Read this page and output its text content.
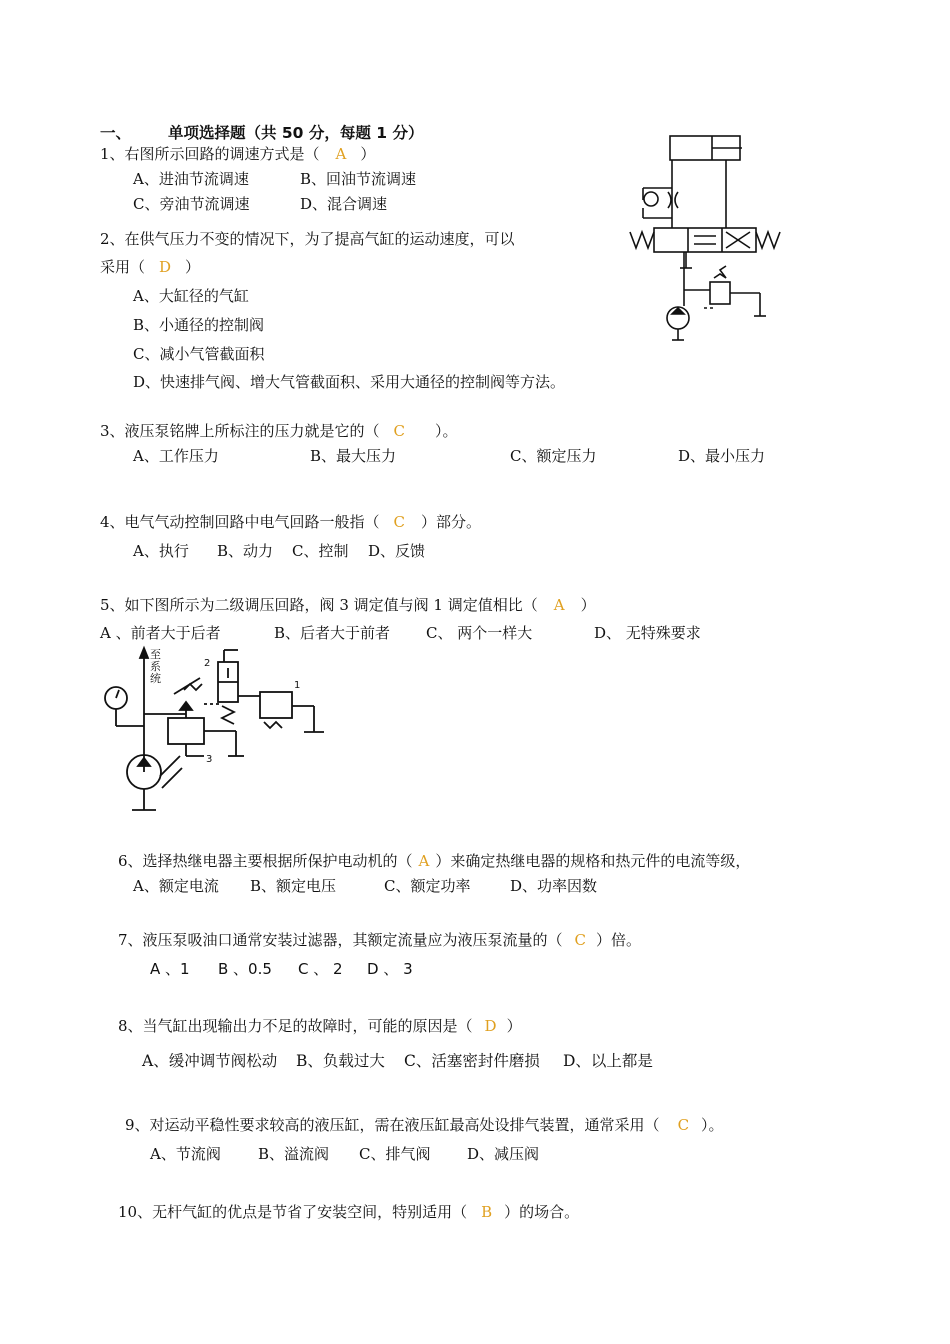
一、 单项选择题（共 50 分，每题 1 分）
1、右图所示回路的调速方式是（ A ）
A、进油节流调速	B、回油节流调速
C、旁油节流调速	D、混合调速
2、在供气压力不变的情况下，为了提高气缸的运动速度，可以
采用（ D ）
A、大缸径的气缸
B、小通径的控制阀
C、减小气管截面积
D、快速排气阀、增大气管截面积、采用大通径的控制阀等方法。
3、液压泵铭牌上所标注的压力就是它的（ C ）。
A、工作压力	B、最大压力	C、额定压力	D、最小压力
4、电气气动控制回路中电气回路一般指（ C ）部分。
A、执行 B、动力 C、控制 D、反馈
5、如下图所示为二级调压回路，阀 3 调定值与阀 1 调定值相比（ A ）
A 、前者大于后者	B、后者大于前者 C、 两个一样大	D、 无特殊要求
至
系
统
3
2
1
6、选择热继电器主要根据所保护电动机的（ A ）来确定热继电器的规格和热元件的电流等级，
A、额定电流 B、额定电压	C、额定功率	D、功率因数
7、液压泵吸油口通常安装过滤器，其额定流量应为液压泵流量的（ C ）倍。
A 、1 B 、0.5 C 、 2 D 、 3
8、当气缸出现输出力不足的故障时，可能的原因是（ D ）
A、缓冲调节阀松动 B、负载过大 C、活塞密封件磨损 D、以上都是
9、对运动平稳性要求较高的液压缸，需在液压缸最高处设排气装置，通常采用（ C ）。
A、节流阀 B、溢流阀 C、排气阀 D、减压阀
10、无杆气缸的优点是节省了安装空间，特别适用（ B ）的场合。
